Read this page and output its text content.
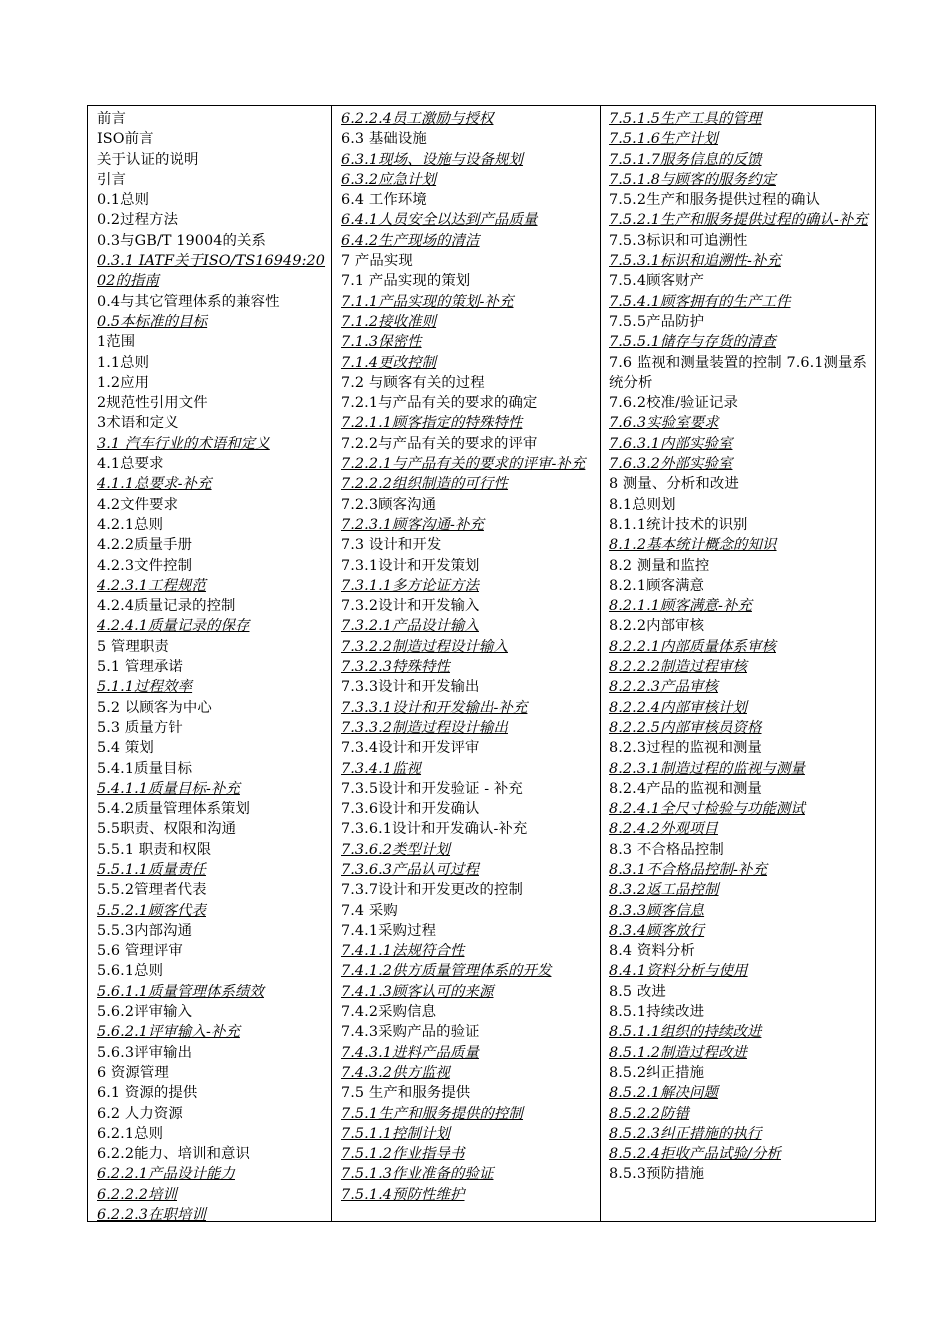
前言
ISO前言
关于认证的说明
引言
0.1总则
0.2过程方法
0.3与GB/T 19004的关系
0.3.1 IATF关于ISO/TS16949:2002的指南
0.4与其它管理体系的兼容性
0.5本标准的目标
1范围
1.1总则
1.2应用
2规范性引用文件
3术语和定义
3.1 汽车行业的术语和定义
4.1总要求
4.1.1总要求-补充
4.2文件要求
4.2.1总则
4.2.2质量手册
4.2.3文件控制
4.2.3.1工程规范
4.2.4质量记录的控制
4.2.4.1质量记录的保存
5 管理职责
5.1 管理承诺
5.1.1过程效率
5.2 以顾客为中心
5.3 质量方针
5.4 策划
5.4.1质量目标
5.4.1.1质量目标-补充
5.4.2质量管理体系策划
5.5职责、权限和沟通
5.5.1 职责和权限
5.5.1.1质量责任
5.5.2管理者代表
5.5.2.1顾客代表
5.5.3内部沟通
5.6 管理评审
5.6.1总则
5.6.1.1质量管理体系绩效
5.6.2评审输入
5.6.2.1评审输入-补充
5.6.3评审输出
6 资源管理
6.1 资源的提供
6.2 人力资源
6.2.1总则
6.2.2能力、培训和意识
6.2.2.1产品设计能力
6.2.2.2培训
6.2.2.3在职培训
6.2.2.4员工激励与授权
6.3 基础设施
6.3.1现场、设施与设备规划
6.3.2应急计划
6.4 工作环境
6.4.1人员安全以达到产品质量
6.4.2生产现场的清洁
7 产品实现
7.1 产品实现的策划
7.1.1产品实现的策划-补充
7.1.2接收准则
7.1.3保密性
7.1.4更改控制
7.2 与顾客有关的过程
7.2.1与产品有关的要求的确定
7.2.1.1顾客指定的特殊特性
7.2.2与产品有关的要求的评审
7.2.2.1与产品有关的要求的评审-补充
7.2.2.2组织制造的可行性
7.2.3顾客沟通
7.2.3.1顾客沟通-补充
7.3 设计和开发
7.3.1设计和开发策划
7.3.1.1多方论证方法
7.3.2设计和开发输入
7.3.2.1产品设计输入
7.3.2.2制造过程设计输入
7.3.2.3特殊特性
7.3.3设计和开发输出
7.3.3.1设计和开发输出-补充
7.3.3.2制造过程设计输出
7.3.4设计和开发评审
7.3.4.1监视
7.3.5设计和开发验证 - 补充
7.3.6设计和开发确认
7.3.6.1设计和开发确认-补充
7.3.6.2类型计划
7.3.6.3产品认可过程
7.3.7设计和开发更改的控制
7.4 采购
7.4.1采购过程
7.4.1.1法规符合性
7.4.1.2供方质量管理体系的开发
7.4.1.3顾客认可的来源
7.4.2采购信息
7.4.3采购产品的验证
7.4.3.1进料产品质量
7.4.3.2供方监视
7.5 生产和服务提供
7.5.1生产和服务提供的控制
7.5.1.1控制计划
7.5.1.2作业指导书
7.5.1.3作业准备的验证
7.5.1.4预防性维护
7.5.1.5生产工具的管理
7.5.1.6生产计划
7.5.1.7服务信息的反馈
7.5.1.8与顾客的服务约定
7.5.2生产和服务提供过程的确认
7.5.2.1生产和服务提供过程的确认-补充
7.5.3标识和可追溯性
7.5.3.1标识和追溯性-补充
7.5.4顾客财产
7.5.4.1顾客拥有的生产工件
7.5.5产品防护
7.5.5.1储存与存货的清查
7.6 监视和测量装置的控制 7.6.1测量系统分析
7.6.2校准/验证记录
7.6.3实验室要求
7.6.3.1内部实验室
7.6.3.2外部实验室
8 测量、分析和改进
8.1总则划
8.1.1统计技术的识别
8.1.2基本统计概念的知识
8.2 测量和监控
8.2.1顾客满意
8.2.1.1顾客满意-补充
8.2.2内部审核
8.2.2.1内部质量体系审核
8.2.2.2制造过程审核
8.2.2.3产品审核
8.2.2.4内部审核计划
8.2.2.5内部审核员资格
8.2.3过程的监视和测量
8.2.3.1制造过程的监视与测量
8.2.4产品的监视和测量
8.2.4.1全尺寸检验与功能测试
8.2.4.2外观项目
8.3 不合格品控制
8.3.1不合格品控制-补充
8.3.2返工品控制
8.3.3顾客信息
8.3.4顾客放行
8.4 资料分析
8.4.1资料分析与使用
8.5 改进
8.5.1持续改进
8.5.1.1组织的持续改进
8.5.1.2制造过程改进
8.5.2纠正措施
8.5.2.1解决问题
8.5.2.2防错
8.5.2.3纠正措施的执行
8.5.2.4拒收产品试验/分析
8.5.3预防措施
